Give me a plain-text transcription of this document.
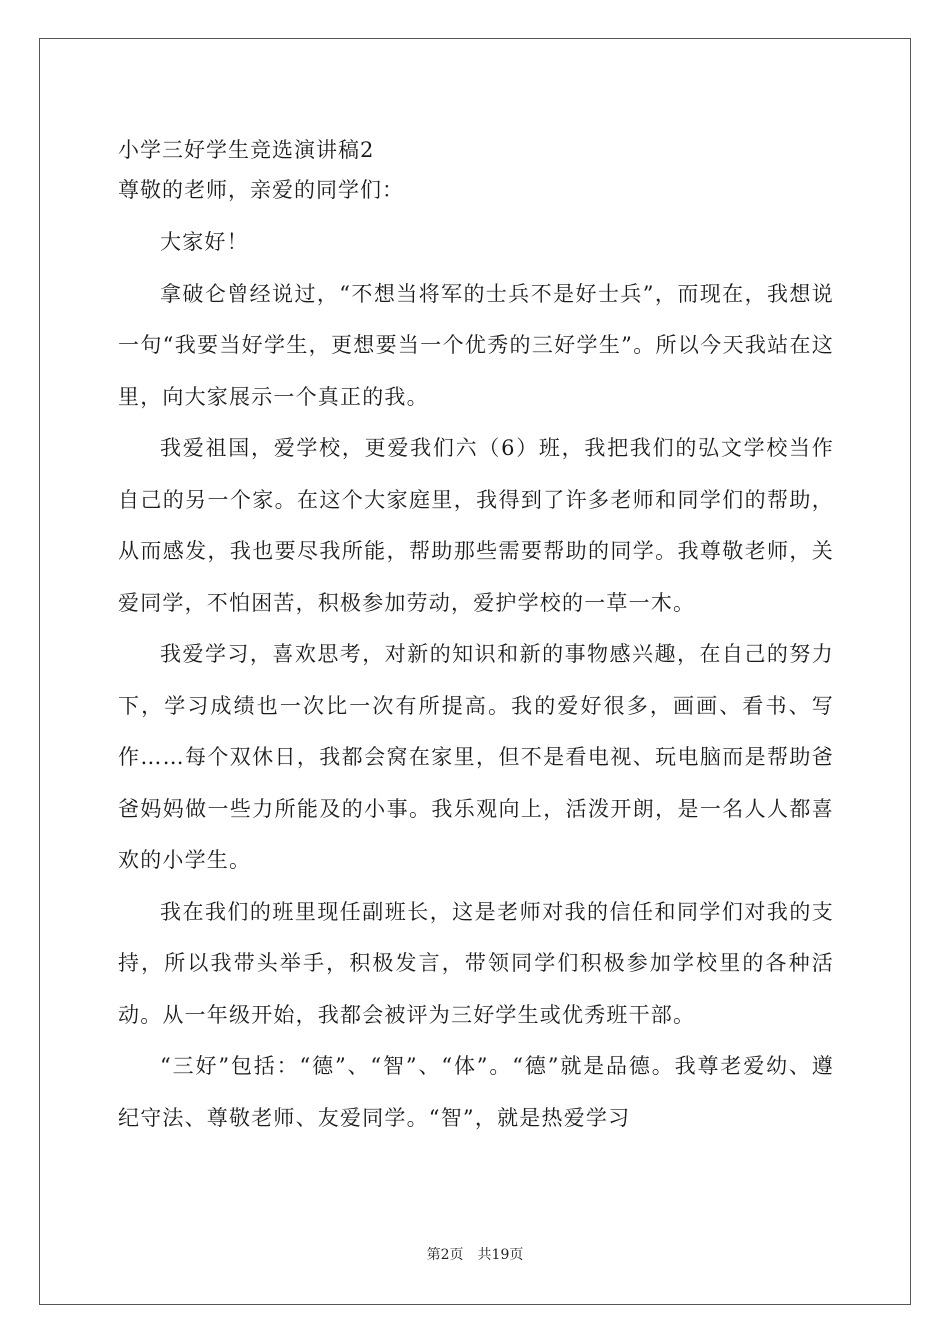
小学三好学生竞选演讲稿2
尊敬的老师，亲爱的同学们：

大家好！

拿破仑曾经说过，“不想当将军的士兵不是好士兵”，而现在，我想说一句“我要当好学生，更想要当一个优秀的三好学生”。所以今天我站在这里，向大家展示一个真正的我。

我爱祖国，爱学校，更爱我们六（6）班，我把我们的弘文学校当作自己的另一个家。在这个大家庭里，我得到了许多老师和同学们的帮助，从而感发，我也要尽我所能，帮助那些需要帮助的同学。我尊敬老师，关爱同学，不怕困苦，积极参加劳动，爱护学校的一草一木。

我爱学习，喜欢思考，对新的知识和新的事物感兴趣，在自己的努力下，学习成绩也一次比一次有所提高。我的爱好很多，画画、看书、写作……每个双休日，我都会窝在家里，但不是看电视、玩电脑而是帮助爸爸妈妈做一些力所能及的小事。我乐观向上，活泼开朗，是一名人人都喜欢的小学生。

我在我们的班里现任副班长，这是老师对我的信任和同学们对我的支持，所以我带头举手，积极发言，带领同学们积极参加学校里的各种活动。从一年级开始，我都会被评为三好学生或优秀班干部。

“三好”包括：“德”、“智”、“体”。“德”就是品德。我尊老爱幼、遵纪守法、尊敬老师、友爱同学。“智”，就是热爱学习

第2页 共19页
